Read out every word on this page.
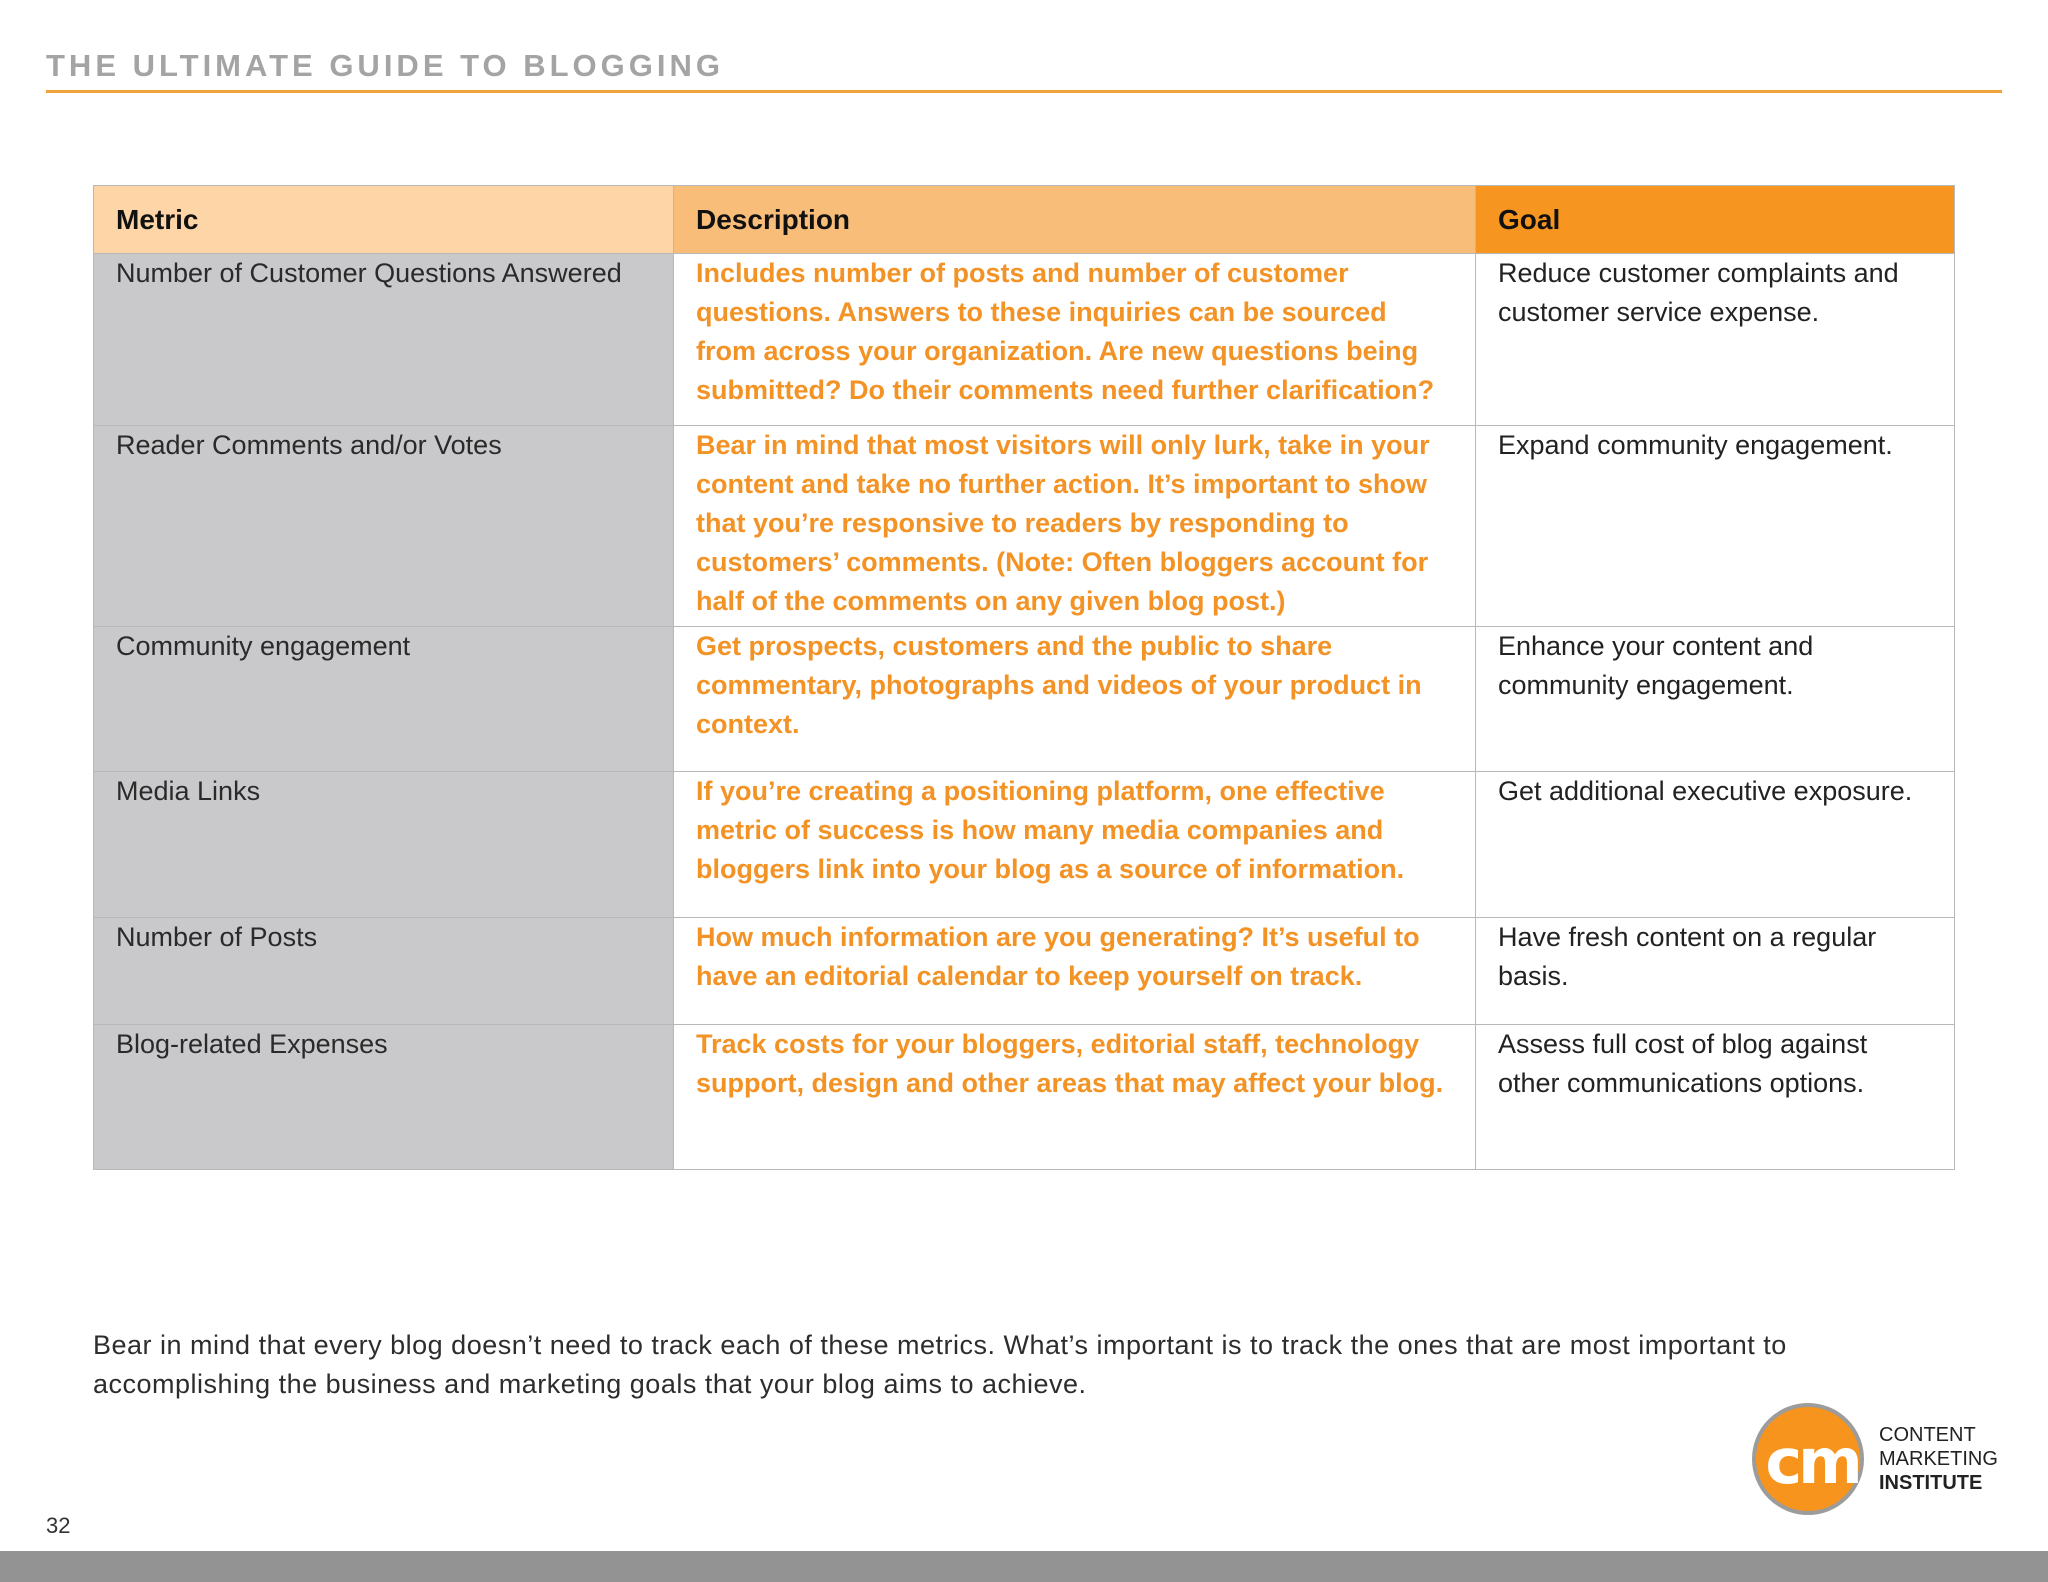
THE ULTIMATE GUIDE TO BLOGGING
Metric	Description	Goal
Number of Customer Questions Answered	Includes number of posts and number of customer questions. Answers to these inquiries can be sourced from across your organization. Are new questions being submitted? Do their comments need further clarification?	Reduce customer complaints and customer service expense.
Reader Comments and/or Votes	Bear in mind that most visitors will only lurk, take in your content and take no further action. It’s important to show that you’re responsive to readers by responding to customers’ comments. (Note: Often bloggers account for half of the comments on any given blog post.)	Expand community engagement.
Community engagement	Get prospects, customers and the public to share commentary, photographs and videos of your product in context.	Enhance your content and community engagement.
Media Links	If you’re creating a positioning platform, one effective metric of success is how many media companies and bloggers link into your blog as a source of information.	Get additional executive exposure.
Number of Posts	How much information are you generating? It’s useful to have an editorial calendar to keep yourself on track.	Have fresh content on a regular basis.
Blog-related Expenses	Track costs for your bloggers, editorial staff, technology support, design and other areas that may affect your blog.	Assess full cost of blog against other communications options.
Bear in mind that every blog doesn’t need to track each of these metrics. What’s important is to track the ones that are most important to accomplishing the business and marketing goals that your blog aims to achieve.
cm	CONTENT
MARKETING
INSTITUTE
32
